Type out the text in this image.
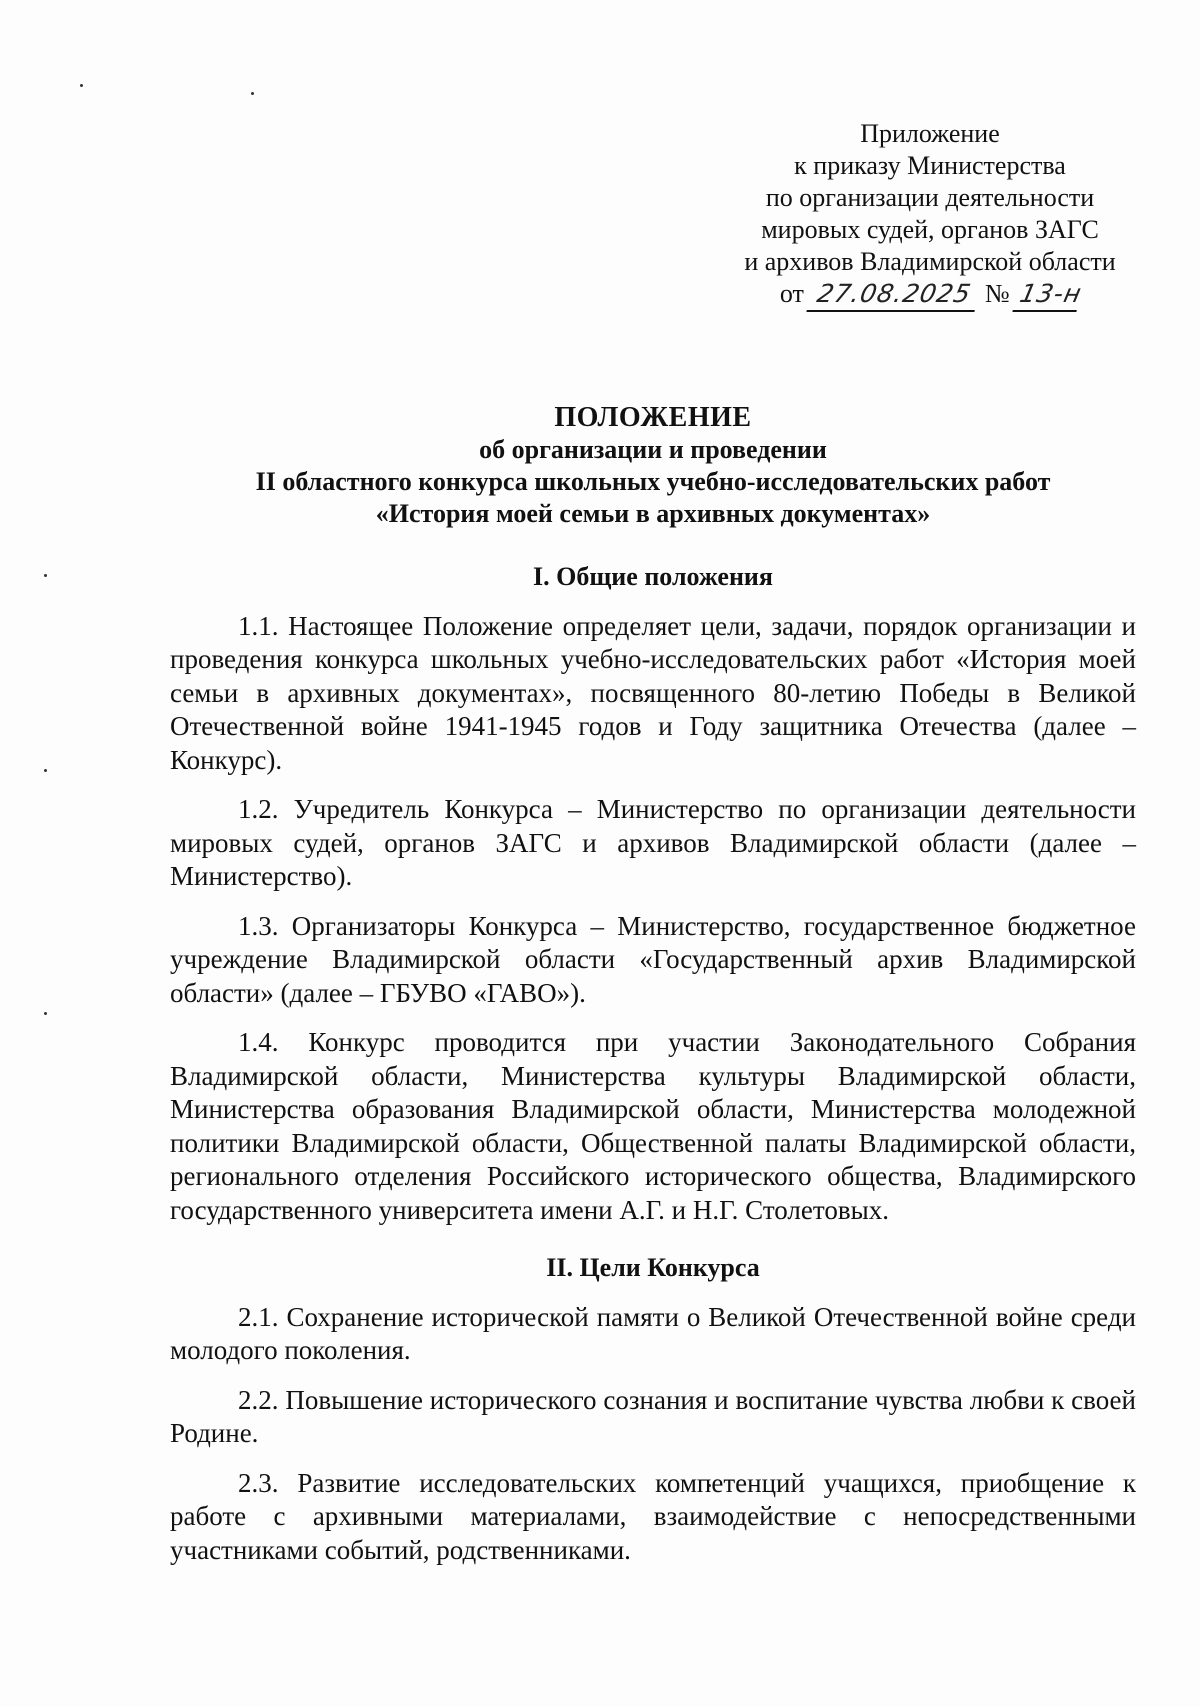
Приложение
к приказу Министерства
по организации деятельности
мировых судей, органов ЗАГС
и архивов Владимирской области
от 27.08.2025 № 13-н
ПОЛОЖЕНИЕ
об организации и проведении
II областного конкурса школьных учебно-исследовательских работ
«История моей семьи в архивных документах»
I. Общие положения

1.1. Настоящее Положение определяет цели, задачи, порядок организации и проведения конкурса школьных учебно-исследовательских работ «История моей семьи в архивных документах», посвященного 80-летию Победы в Великой Отечественной войне 1941-1945 годов и Году защитника Отечества (далее – Конкурс).

1.2. Учредитель Конкурса – Министерство по организации деятельности мировых судей, органов ЗАГС и архивов Владимирской области (далее – Министерство).

1.3. Организаторы Конкурса – Министерство, государственное бюджетное учреждение Владимирской области «Государственный архив Владимирской области» (далее – ГБУВО «ГАВО»).

1.4. Конкурс проводится при участии Законодательного Собрания Владимирской области, Министерства культуры Владимирской области, Министерства образования Владимирской области, Министерства молодежной политики Владимирской области, Общественной палаты Владимирской области, регионального отделения Российского исторического общества, Владимирского государственного университета имени А.Г. и Н.Г. Столетовых.

II. Цели Конкурса

2.1. Сохранение исторической памяти о Великой Отечественной войне среди молодого поколения.

2.2. Повышение исторического сознания и воспитание чувства любви к своей Родине.

2.3. Развитие исследовательских компетенций учащихся, приобщение к работе с архивными материалами, взаимодействие с непосредственными участниками событий, родственниками.
